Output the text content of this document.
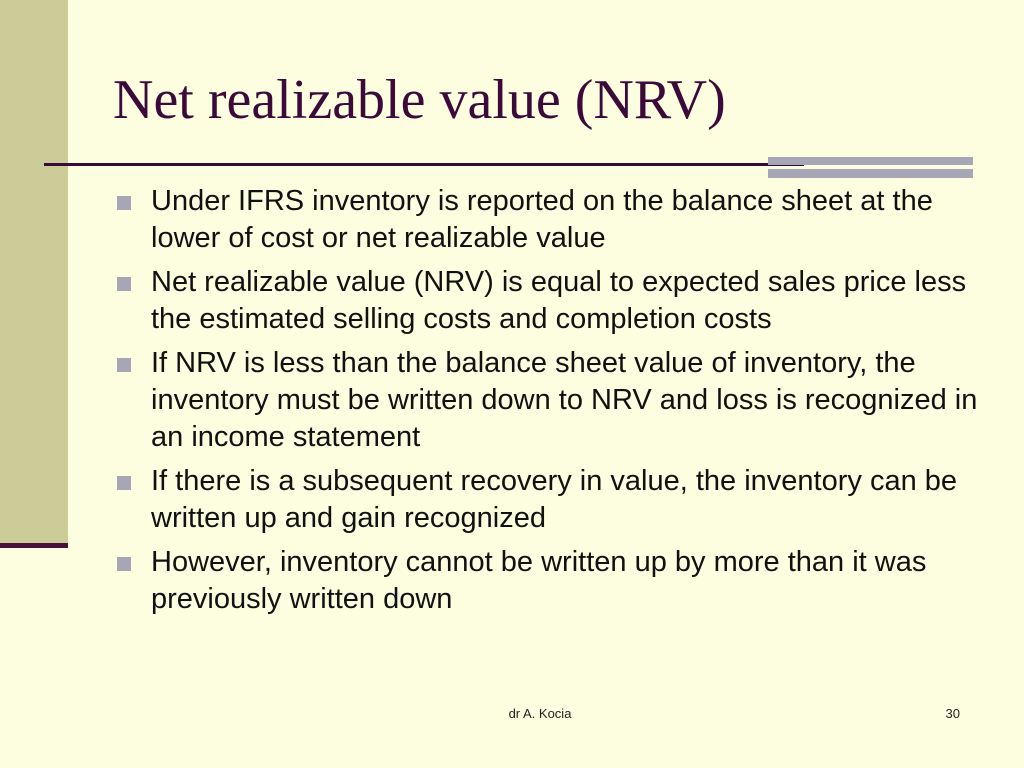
Net realizable value (NRV)
Under IFRS inventory is reported on the balance sheet at the lower of cost or net realizable value
Net realizable value (NRV) is equal to expected sales price less the estimated selling costs and completion costs
If NRV is less than the balance sheet value of inventory, the inventory must be written down to NRV and loss is recognized in an income statement
If there is a subsequent recovery in value, the inventory can be written up and gain recognized
However, inventory cannot be written up by more than it was previously written down
dr A. Kocia	30
